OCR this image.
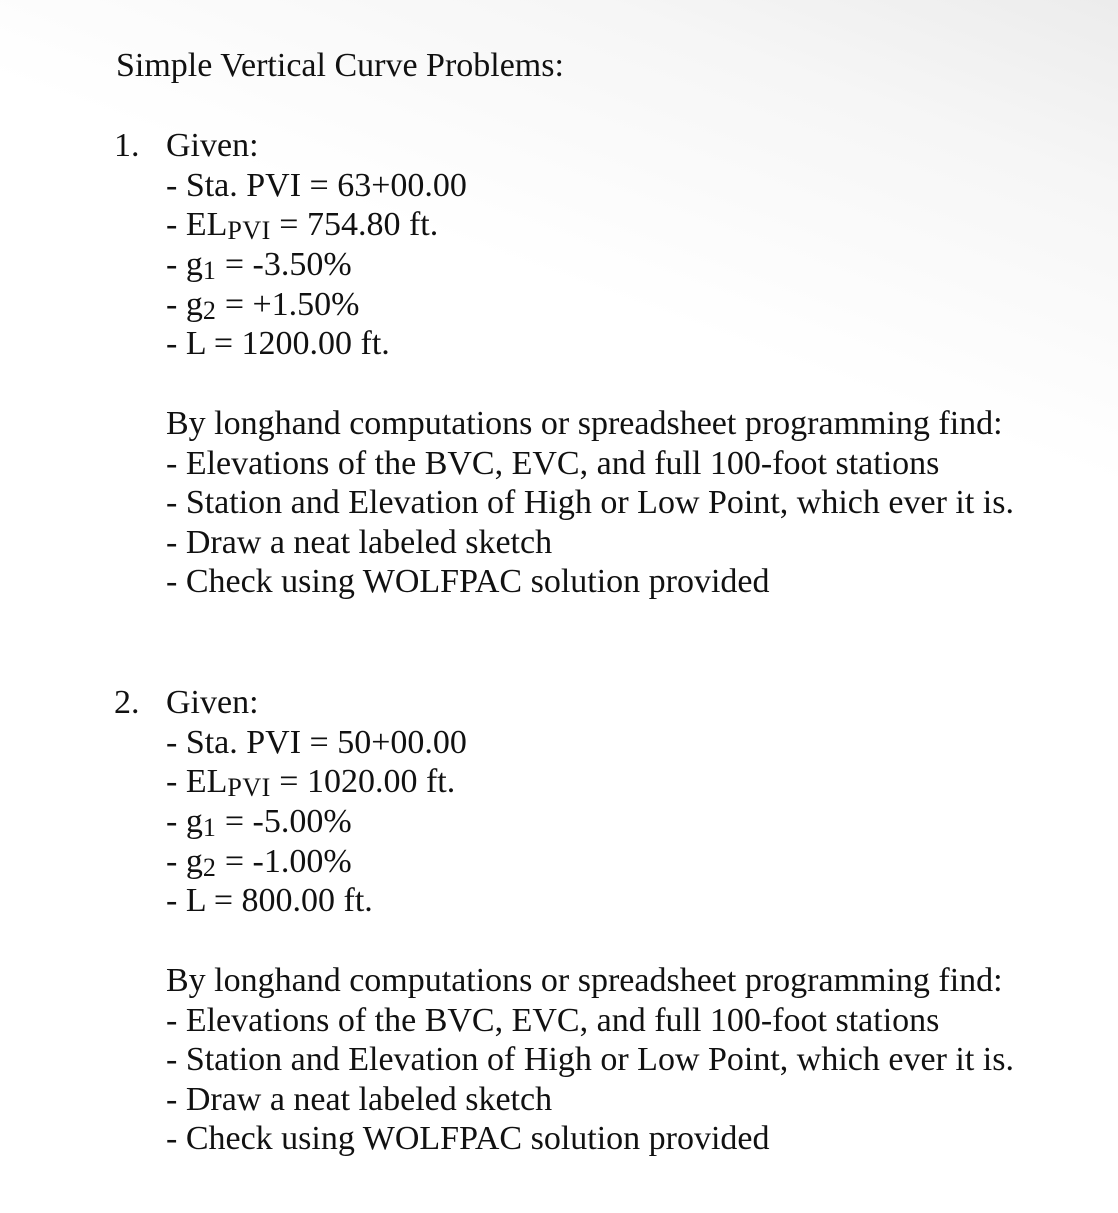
Simple Vertical Curve Problems:
1. Given:
- Sta. PVI = 63+00.00
- ELPVI = 754.80 ft.
- g1 = -3.50%
- g2 = +1.50%
- L = 1200.00 ft.
By longhand computations or spreadsheet programming find:
- Elevations of the BVC, EVC, and full 100-foot stations
- Station and Elevation of High or Low Point, which ever it is.
- Draw a neat labeled sketch
- Check using WOLFPAC solution provided
2. Given:
- Sta. PVI = 50+00.00
- ELPVI = 1020.00 ft.
- g1 = -5.00%
- g2 = -1.00%
- L = 800.00 ft.
By longhand computations or spreadsheet programming find:
- Elevations of the BVC, EVC, and full 100-foot stations
- Station and Elevation of High or Low Point, which ever it is.
- Draw a neat labeled sketch
- Check using WOLFPAC solution provided
